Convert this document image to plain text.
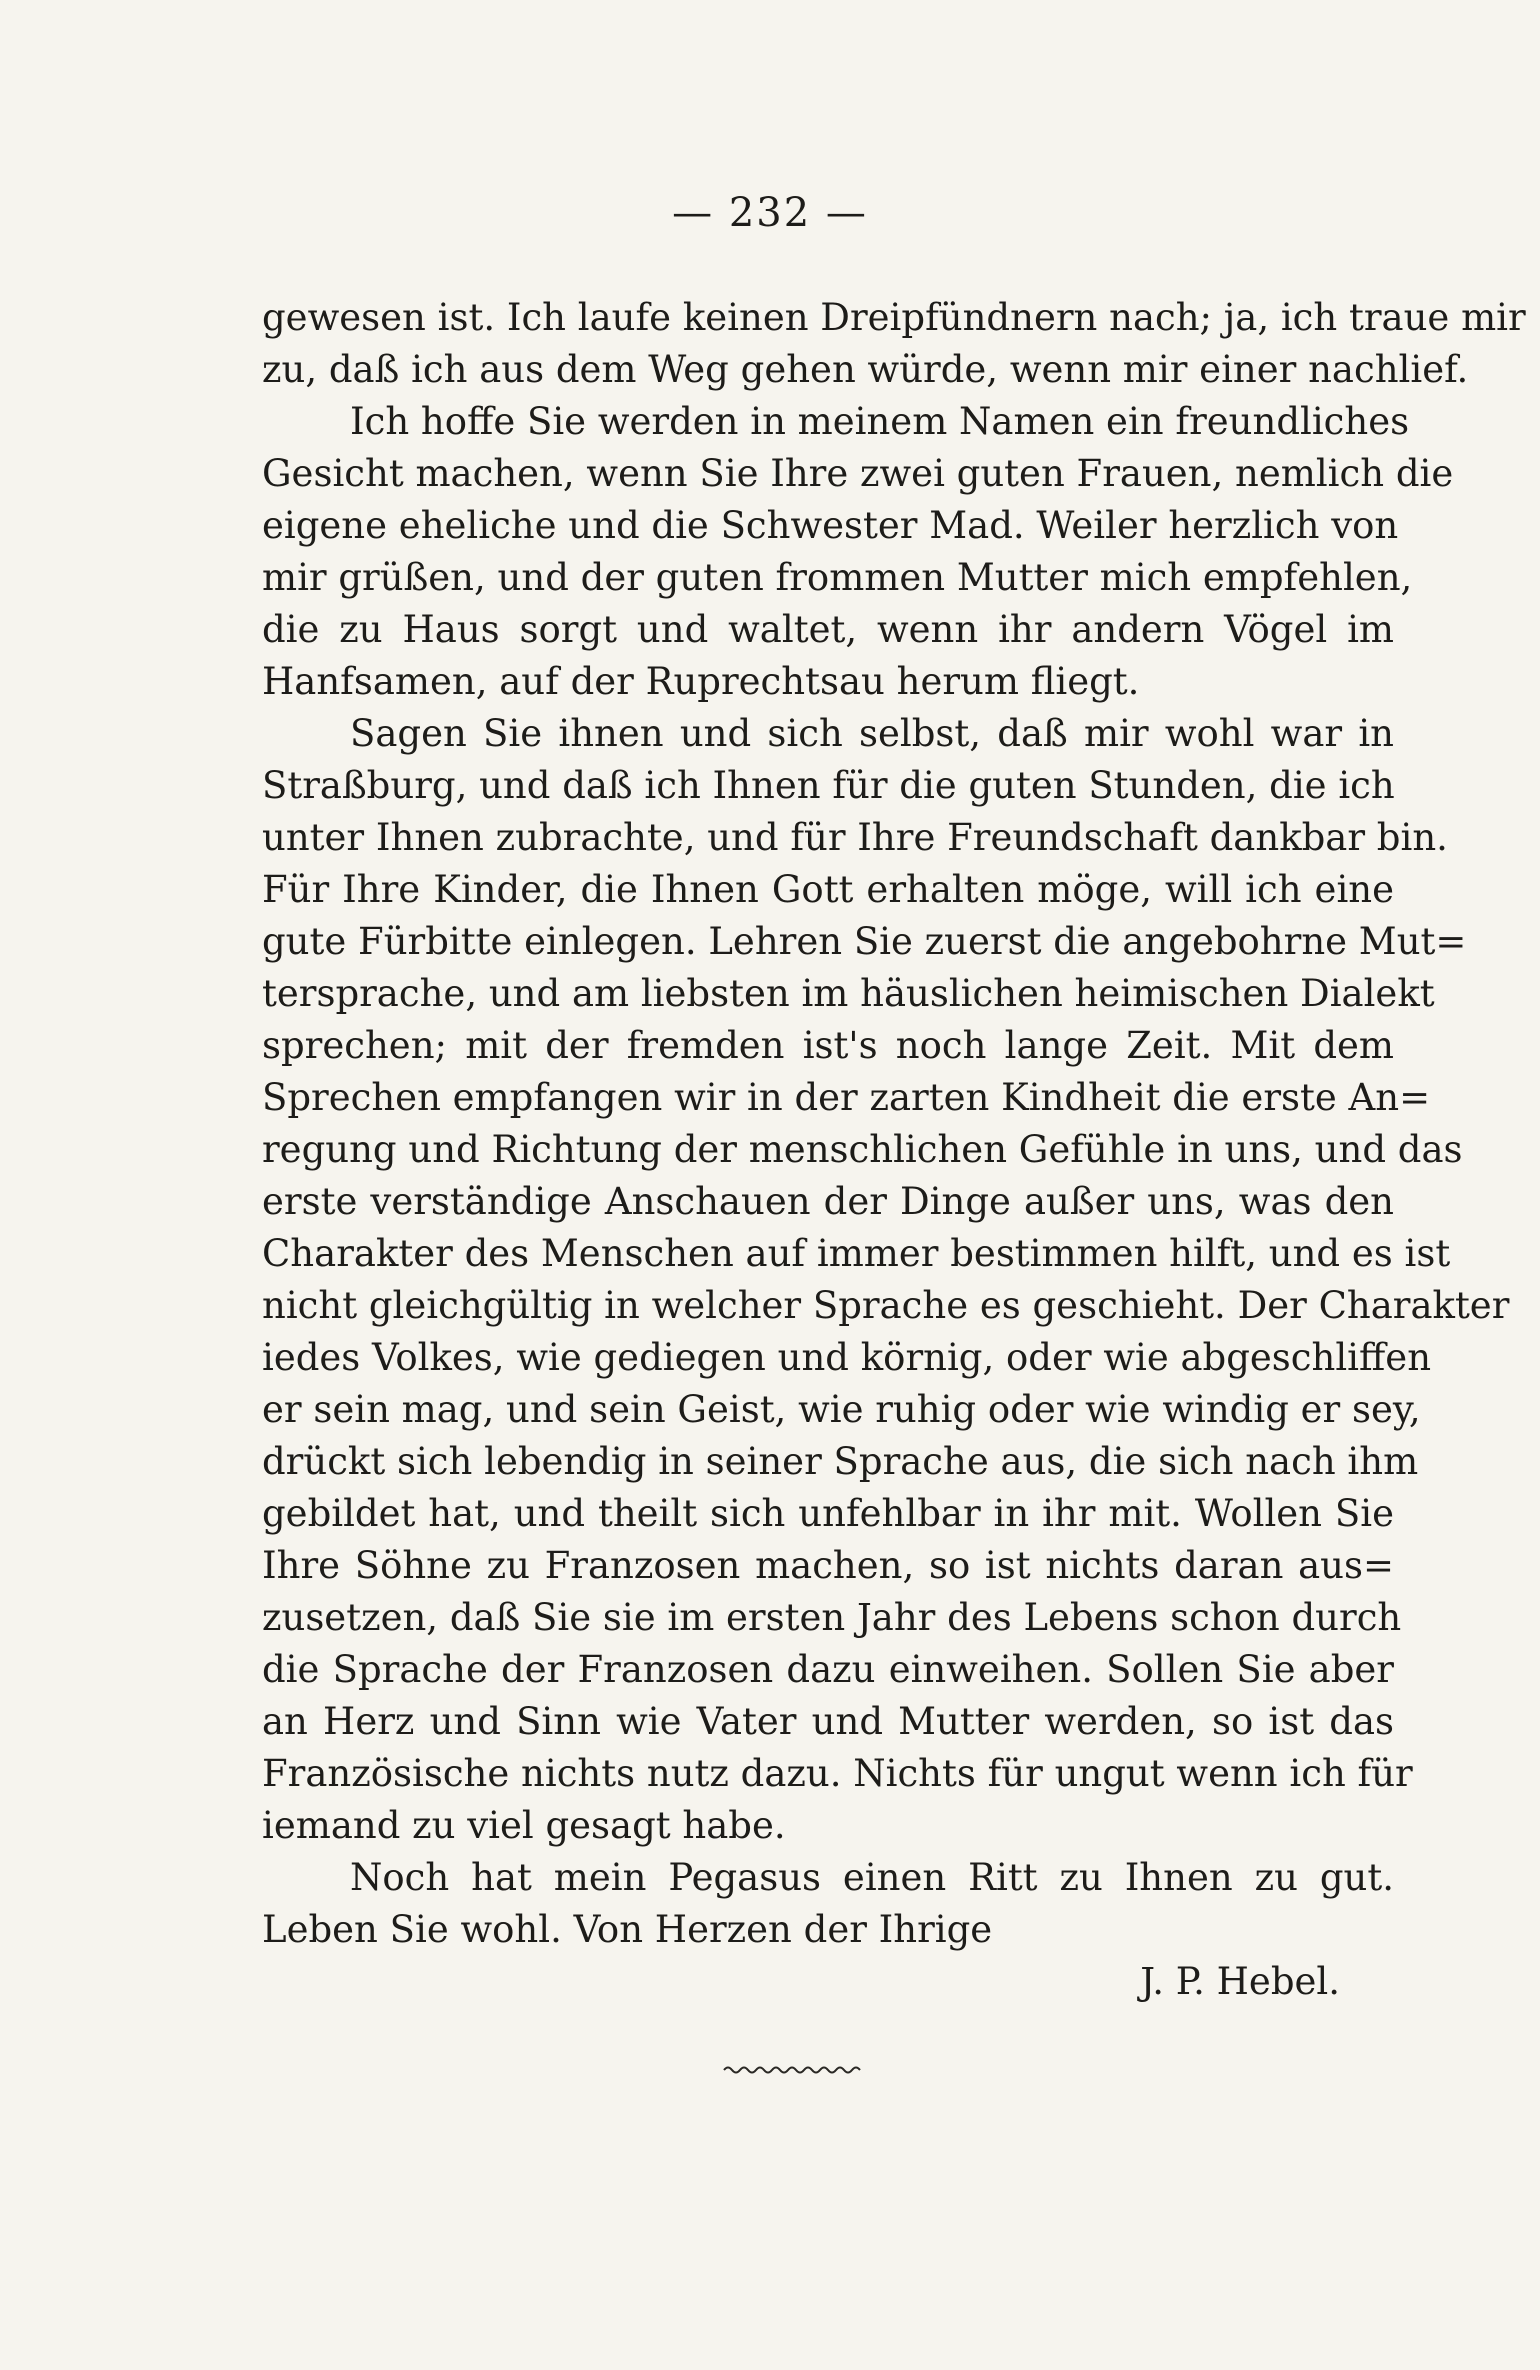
— 232 —
gewesen ist. Ich laufe keinen Dreipfündnern nach; ja, ich traue mir
zu, daß ich aus dem Weg gehen würde, wenn mir einer nachlief.
Ich hoffe Sie werden in meinem Namen ein freundliches
Gesicht machen, wenn Sie Ihre zwei guten Frauen, nemlich die
eigene eheliche und die Schwester Mad. Weiler herzlich von
mir grüßen, und der guten frommen Mutter mich empfehlen,
die zu Haus sorgt und waltet, wenn ihr andern Vögel im
Hanfsamen, auf der Ruprechtsau herum fliegt.
Sagen Sie ihnen und sich selbst, daß mir wohl war in
Straßburg, und daß ich Ihnen für die guten Stunden, die ich
unter Ihnen zubrachte, und für Ihre Freundschaft dankbar bin.
Für Ihre Kinder, die Ihnen Gott erhalten möge, will ich eine
gute Fürbitte einlegen. Lehren Sie zuerst die angebohrne Mut=
tersprache, und am liebsten im häuslichen heimischen Dialekt
sprechen; mit der fremden ist's noch lange Zeit. Mit dem
Sprechen empfangen wir in der zarten Kindheit die erste An=
regung und Richtung der menschlichen Gefühle in uns, und das
erste verständige Anschauen der Dinge außer uns, was den
Charakter des Menschen auf immer bestimmen hilft, und es ist
nicht gleichgültig in welcher Sprache es geschieht. Der Charakter
iedes Volkes, wie gediegen und körnig, oder wie abgeschliffen
er sein mag, und sein Geist, wie ruhig oder wie windig er sey,
drückt sich lebendig in seiner Sprache aus, die sich nach ihm
gebildet hat, und theilt sich unfehlbar in ihr mit. Wollen Sie
Ihre Söhne zu Franzosen machen, so ist nichts daran aus=
zusetzen, daß Sie sie im ersten Jahr des Lebens schon durch
die Sprache der Franzosen dazu einweihen. Sollen Sie aber
an Herz und Sinn wie Vater und Mutter werden, so ist das
Französische nichts nutz dazu. Nichts für ungut wenn ich für
iemand zu viel gesagt habe.
Noch hat mein Pegasus einen Ritt zu Ihnen zu gut.
Leben Sie wohl. Von Herzen der Ihrige
J. P. Hebel.
